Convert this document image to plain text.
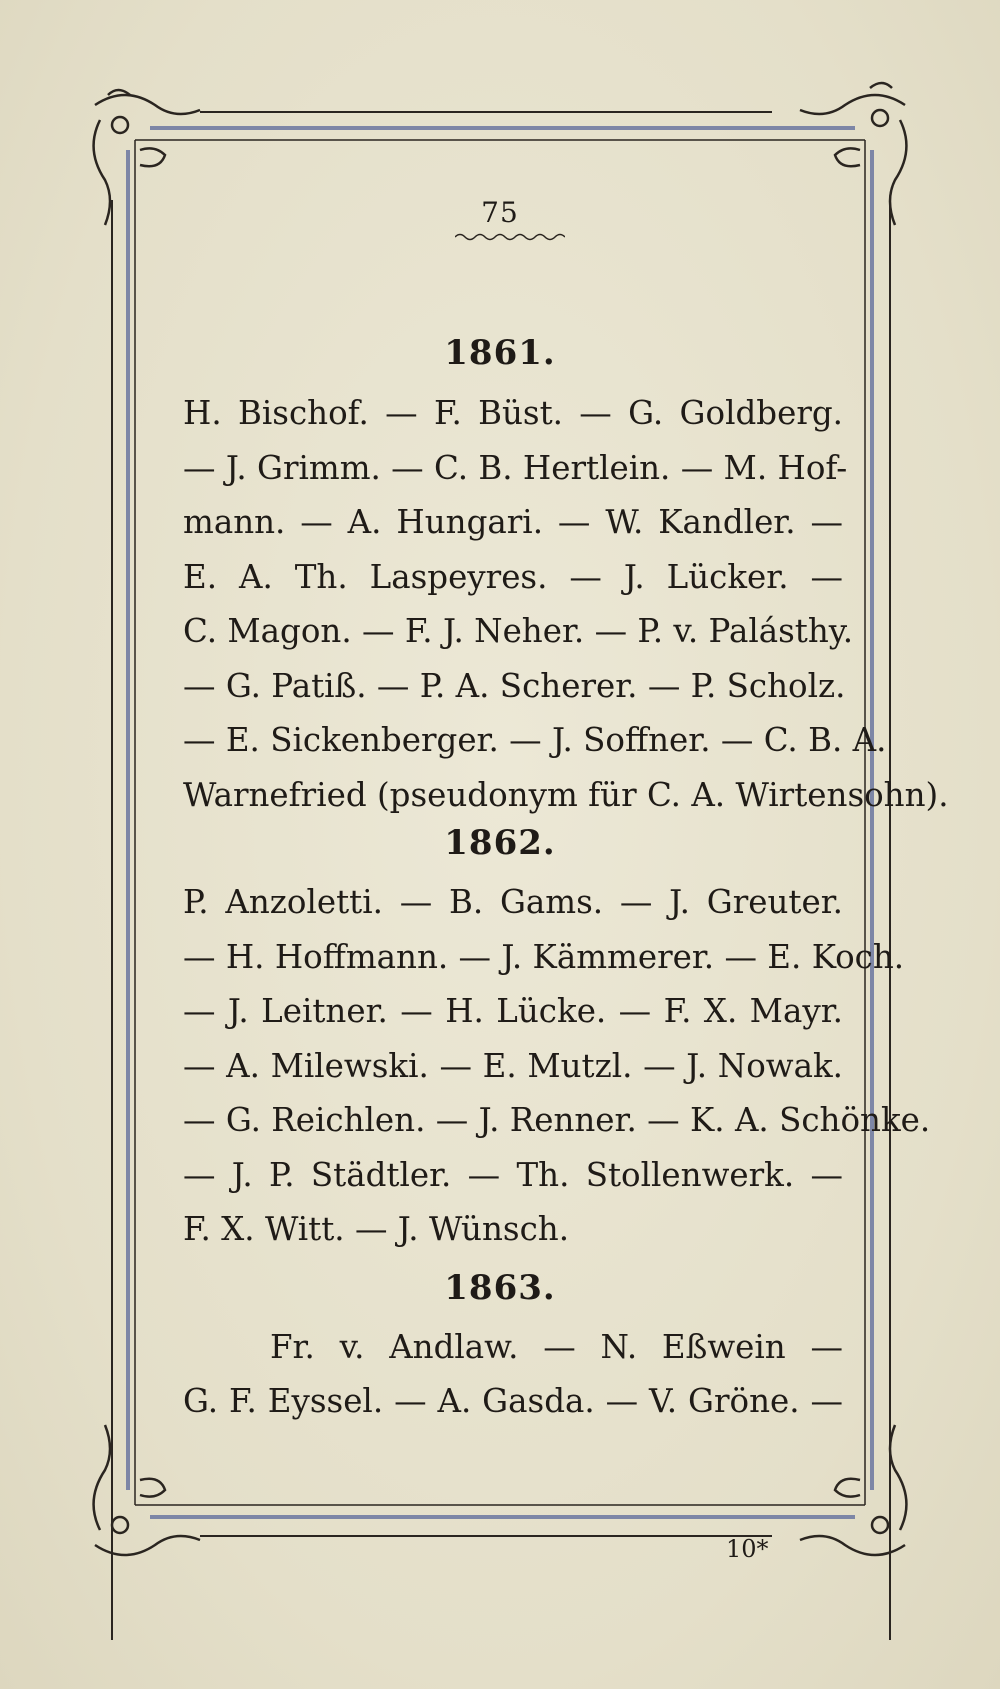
75
1861.
H. Bischof. — F. Büst. — G. Goldberg.
— J. Grimm. — C. B. Hertlein. — M. Hof-
mann. — A. Hungari. — W. Kandler. —
E. A. Th. Laspeyres. — J. Lücker. —
C. Magon. — F. J. Neher. — P. v. Palásthy.
— G. Patiß. — P. A. Scherer. — P. Scholz.
— E. Sickenberger. — J. Soffner. — C. B. A.
Warnefried (pseudonym für C. A. Wirtensohn).
1862.
P. Anzoletti. — B. Gams. — J. Greuter.
— H. Hoffmann. — J. Kämmerer. — E. Koch.
— J. Leitner. — H. Lücke. — F. X. Mayr.
— A. Milewski. — E. Mutzl. — J. Nowak.
— G. Reichlen. — J. Renner. — K. A. Schönke.
— J. P. Städtler. — Th. Stollenwerk. —
F. X. Witt. — J. Wünsch.
1863.
Fr. v. Andlaw. — N. Eßwein —
G. F. Eyssel. — A. Gasda. — V. Gröne. —
10*
